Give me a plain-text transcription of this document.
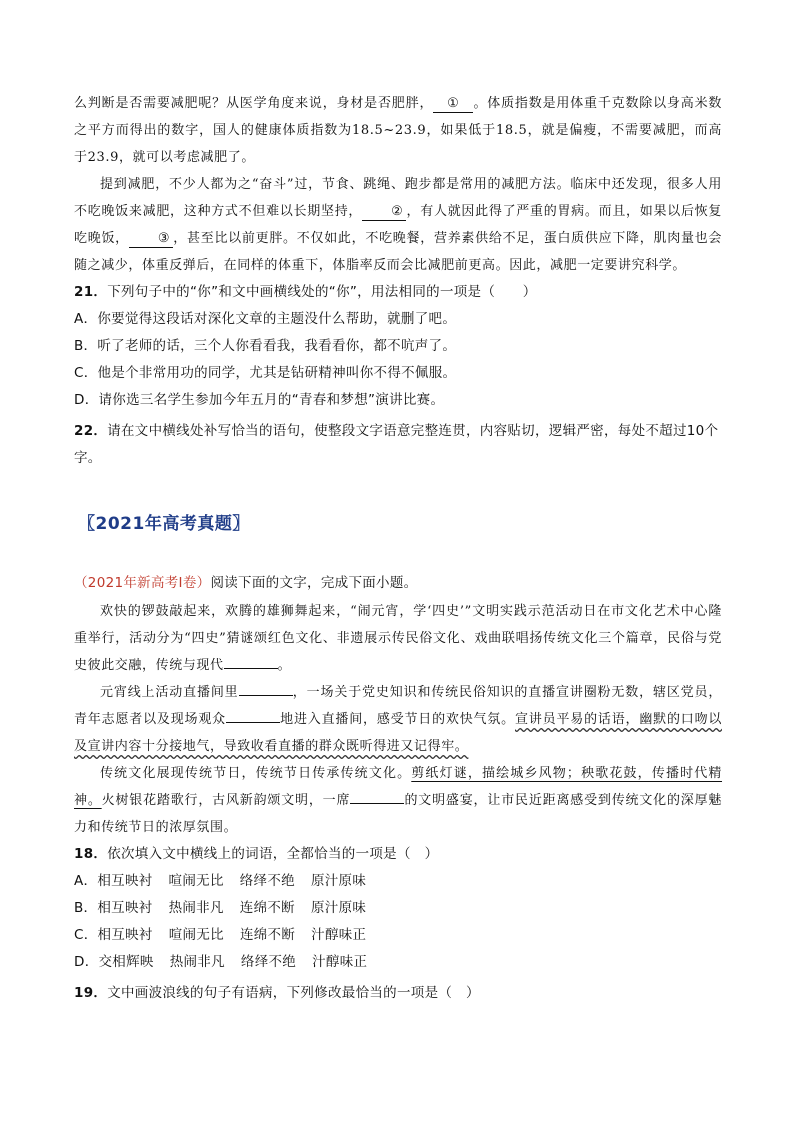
么判断是否需要减肥呢？从医学角度来说，身材是否肥胖， ① 。体质指数是用体重千克数除以身高米数之平方而得出的数字，国人的健康体质指数为18.5~23.9，如果低于18.5，就是偏瘦，不需要减肥，而高于23.9，就可以考虑减肥了。
提到减肥，不少人都为之“奋斗”过，节食、跳绳、跑步都是常用的减肥方法。临床中还发现，很多人用不吃晚饭来减肥，这种方式不但难以长期坚持， ② ，有人就因此得了严重的胃病。而且，如果以后恢复吃晚饭， ③ ，甚至比以前更胖。不仅如此，不吃晚餐，营养素供给不足，蛋白质供应下降，肌肉量也会随之减少，体重反弹后，在同样的体重下，体脂率反而会比减肥前更高。因此，减肥一定要讲究科学。
21．下列句子中的“你”和文中画横线处的“你”，用法相同的一项是（　　）
A．你要觉得这段话对深化文章的主题没什么帮助，就删了吧。
B．听了老师的话，三个人你看看我，我看看你，都不吭声了。
C．他是个非常用功的同学，尤其是钻研精神叫你不得不佩服。
D．请你选三名学生参加今年五月的“青春和梦想”演讲比赛。
22．请在文中横线处补写恰当的语句，使整段文字语意完整连贯，内容贴切，逻辑严密，每处不超过10个字。
〖2021年高考真题〗
（2021年新高考Ⅰ卷）阅读下面的文字，完成下面小题。
欢快的锣鼓敲起来，欢腾的雄狮舞起来，“闹元宵，学‘四史’”文明实践示范活动日在市文化艺术中心隆重举行，活动分为“四史”猜谜颂红色文化、非遗展示传民俗文化、戏曲联唱扬传统文化三个篇章，民俗与党史彼此交融，传统与现代	。
元宵线上活动直播间里	，一场关于党史知识和传统民俗知识的直播宣讲圈粉无数，辖区党员，青年志愿者以及现场观众	地进入直播间，感受节日的欢快气氛。宣讲员平易的话语，幽默的口吻以及宣讲内容十分接地气，导致收看直播的群众既听得进又记得牢。
传统文化展现传统节日，传统节日传承传统文化。剪纸灯谜，描绘城乡风物；秧歌花鼓，传播时代精神。火树银花踏歌行，古风新韵颂文明，一席	的文明盛宴，让市民近距离感受到传统文化的深厚魅力和传统节日的浓厚氛围。
18．依次填入文中横线上的词语，全都恰当的一项是（　）
A．相互映衬 喧闹无比 络绎不绝 原汁原味
B．相互映衬 热闹非凡 连绵不断 原汁原味
C．相互映衬 喧闹无比 连绵不断 汁醇味正
D．交相辉映 热闹非凡 络绎不绝 汁醇味正
19．文中画波浪线的句子有语病，下列修改最恰当的一项是（　）
